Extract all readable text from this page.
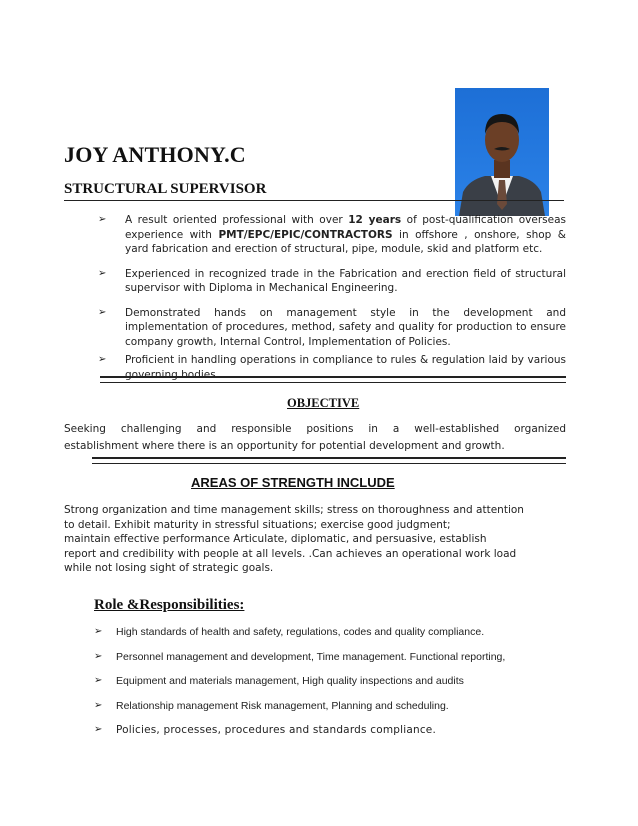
JOY ANTHONY.C
STRUCTURAL SUPERVISOR
➢ A result oriented professional with over 12 years of post-qualification overseas experience with PMT/EPC/EPIC/CONTRACTORS in offshore , onshore, shop & yard fabrication and erection of structural, pipe, module, skid and platform etc.
➢ Experienced in recognized trade in the Fabrication and erection field of structural supervisor with Diploma in Mechanical Engineering.
➢ Demonstrated hands on management style in the development and implementation of procedures, method, safety and quality for production to ensure company growth, Internal Control, Implementation of Policies.
➢ Proficient in handling operations in compliance to rules & regulation laid by various governing bodies.
OBJECTIVE
Seeking challenging and responsible positions in a well-established organized
establishment where there is an opportunity for potential development and growth.
AREAS OF STRENGTH INCLUDE
Strong organization and time management skills; stress on thoroughness and attention
to detail. Exhibit maturity in stressful situations; exercise good judgment;
maintain effective performance Articulate, diplomatic, and persuasive, establish
report and credibility with people at all levels. .Can achieves an operational work load
while not losing sight of strategic goals.
Role &Responsibilities:
➢ High standards of health and safety, regulations, codes and quality compliance.
➢ Personnel management and development, Time management. Functional reporting,
➢ Equipment and materials management, High quality inspections and audits
➢ Relationship management Risk management, Planning and scheduling.
➢ Policies, processes, procedures and standards compliance.
